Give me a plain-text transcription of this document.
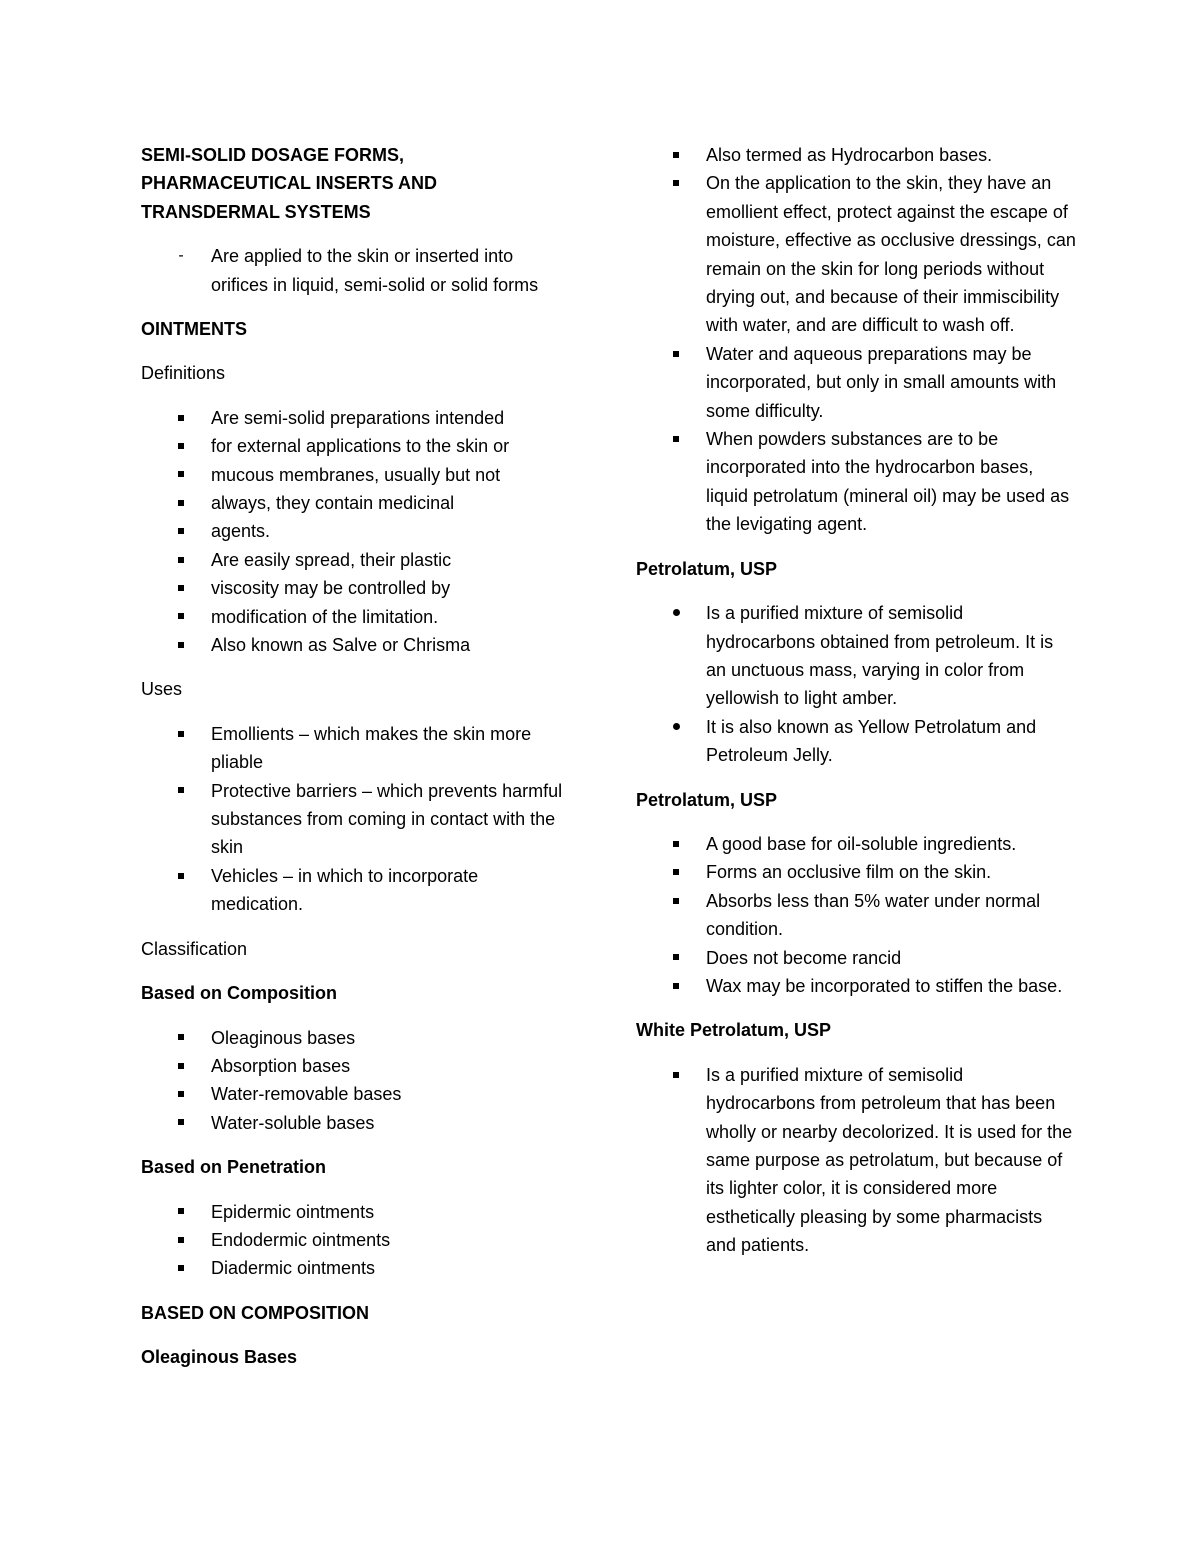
SEMI-SOLID DOSAGE FORMS,
PHARMACEUTICAL INSERTS AND
TRANSDERMAL SYSTEMS
- Are applied to the skin or inserted into orifices in liquid, semi-solid or solid forms
OINTMENTS
Definitions
Are semi-solid preparations intended
for external applications to the skin or
mucous membranes, usually but not
always, they contain medicinal
agents.
Are easily spread, their plastic
viscosity may be controlled by
modification of the limitation.
Also known as Salve or Chrisma
Uses
Emollients – which makes the skin more pliable
Protective barriers – which prevents harmful substances from coming in contact with the skin
Vehicles – in which to incorporate medication.
Classification
Based on Composition
Oleaginous bases
Absorption bases
Water-removable bases
Water-soluble bases
Based on Penetration
Epidermic ointments
Endodermic ointments
Diadermic ointments
BASED ON COMPOSITION
Oleaginous Bases
Also termed as Hydrocarbon bases.
On the application to the skin, they have an emollient effect, protect against the escape of moisture, effective as occlusive dressings, can remain on the skin for long periods without drying out, and because of their immiscibility with water, and are difficult to wash off.
Water and aqueous preparations may be incorporated, but only in small amounts with some difficulty.
When powders substances are to be incorporated into the hydrocarbon bases, liquid petrolatum (mineral oil) may be used as the levigating agent.
Petrolatum, USP
Is a purified mixture of semisolid hydrocarbons obtained from petroleum. It is an unctuous mass, varying in color from yellowish to light amber.
It is also known as Yellow Petrolatum and Petroleum Jelly.
Petrolatum, USP
A good base for oil-soluble ingredients.
Forms an occlusive film on the skin.
Absorbs less than 5% water under normal condition.
Does not become rancid
Wax may be incorporated to stiffen the base.
White Petrolatum, USP
Is a purified mixture of semisolid hydrocarbons from petroleum that has been wholly or nearby decolorized. It is used for the same purpose as petrolatum, but because of its lighter color, it is considered more esthetically pleasing by some pharmacists and patients.
